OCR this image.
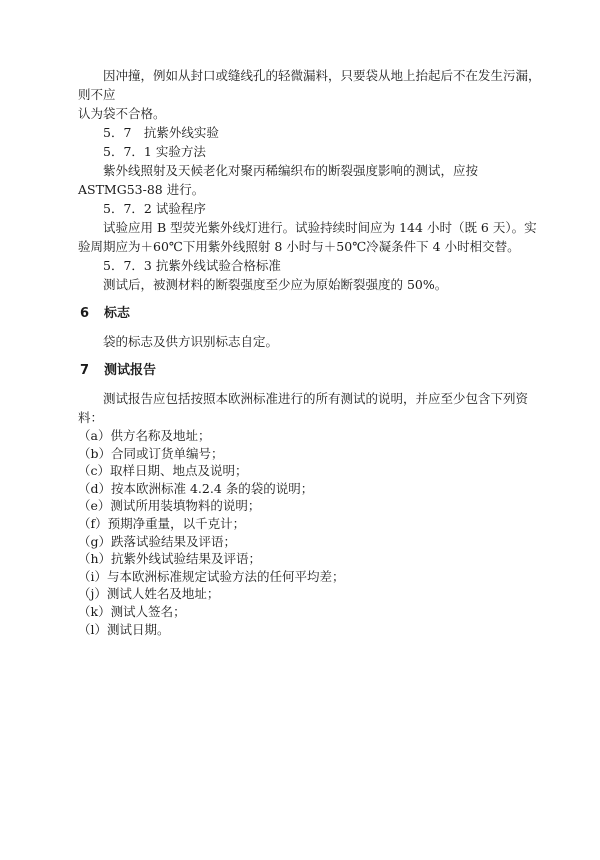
因冲撞，例如从封口或缝线孔的轻微漏料，只要袋从地上抬起后不在发生污漏，则不应

认为袋不合格。

5．7　抗紫外线实验

5．7．1 实验方法

紫外线照射及天候老化对聚丙稀编织布的断裂强度影响的测试，应按 ASTMG53-88 进行。

5．7．2 试验程序

试验应用 B 型荧光紫外线灯进行。试验持续时间应为 144 小时（既 6 天）。实验周期应为＋60℃下用紫外线照射 8 小时与＋50℃冷凝条件下 4 小时相交替。

5．7．3 抗紫外线试验合格标准

测试后，被测材料的断裂强度至少应为原始断裂强度的 50%。

6 标志

袋的标志及供方识别标志自定。

7 测试报告

测试报告应包括按照本欧洲标准进行的所有测试的说明，并应至少包含下列资料：

（a）供方名称及地址；

（b）合同或订货单编号；

（c）取样日期、地点及说明；

（d）按本欧洲标准 4.2.4 条的袋的说明；

（e）测试所用装填物料的说明；

（f）预期净重量，以千克计；

（g）跌落试验结果及评语；

（h）抗紫外线试验结果及评语；

（i）与本欧洲标准规定试验方法的任何平均差；

（j）测试人姓名及地址；

（k）测试人签名；

（l）测试日期。
